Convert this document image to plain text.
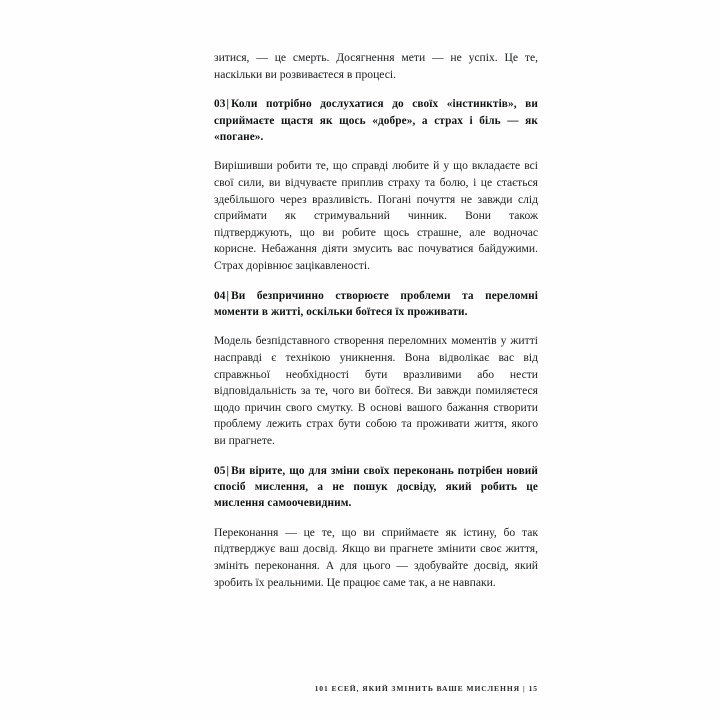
зитися, — це смерть. Досягнення мети — не успіх. Це те, наскільки ви розвиваєтеся в процесі.

03| Коли потрібно дослухатися до своїх «інстинктів», ви сприймаєте щастя як щось «добре», а страх і біль — як «погане».

Вирішивши робити те, що справді любите й у що вкладаєте всі свої сили, ви відчуваєте приплив страху та болю, і це стається здебільшого через вразливість. Погані почуття не завжди слід сприймати як стримувальний чинник. Вони також підтверджують, що ви робите щось страшне, але водночас корисне. Небажання діяти змусить вас почуватися байдужими. Страх дорівнює зацікавленості.

04| Ви безпричинно створюєте проблеми та переломні моменти в житті, оскільки боїтеся їх проживати.

Модель безпідставного створення переломних моментів у житті насправді є технікою уникнення. Вона відволікає вас від справжньої необхідності бути вразливими або нести відповідальність за те, чого ви боїтеся. Ви завжди помиляєтеся щодо причин свого смутку. В основі вашого бажання створити проблему лежить страх бути собою та проживати життя, якого ви прагнете.

05| Ви вірите, що для зміни своїх переконань потрібен новий спосіб мислення, а не пошук досвіду, який робить це мислення самоочевидним.

Переконання — це те, що ви сприймаєте як істину, бо так підтверджує ваш досвід. Якщо ви прагнете змінити своє життя, змініть переконання. А для цього — здобувайте досвід, який зробить їх реальними. Це працює саме так, а не навпаки.

101 ЕСЕЙ, ЯКИЙ ЗМІНИТЬ ВАШЕ МИСЛЕННЯ | 15
